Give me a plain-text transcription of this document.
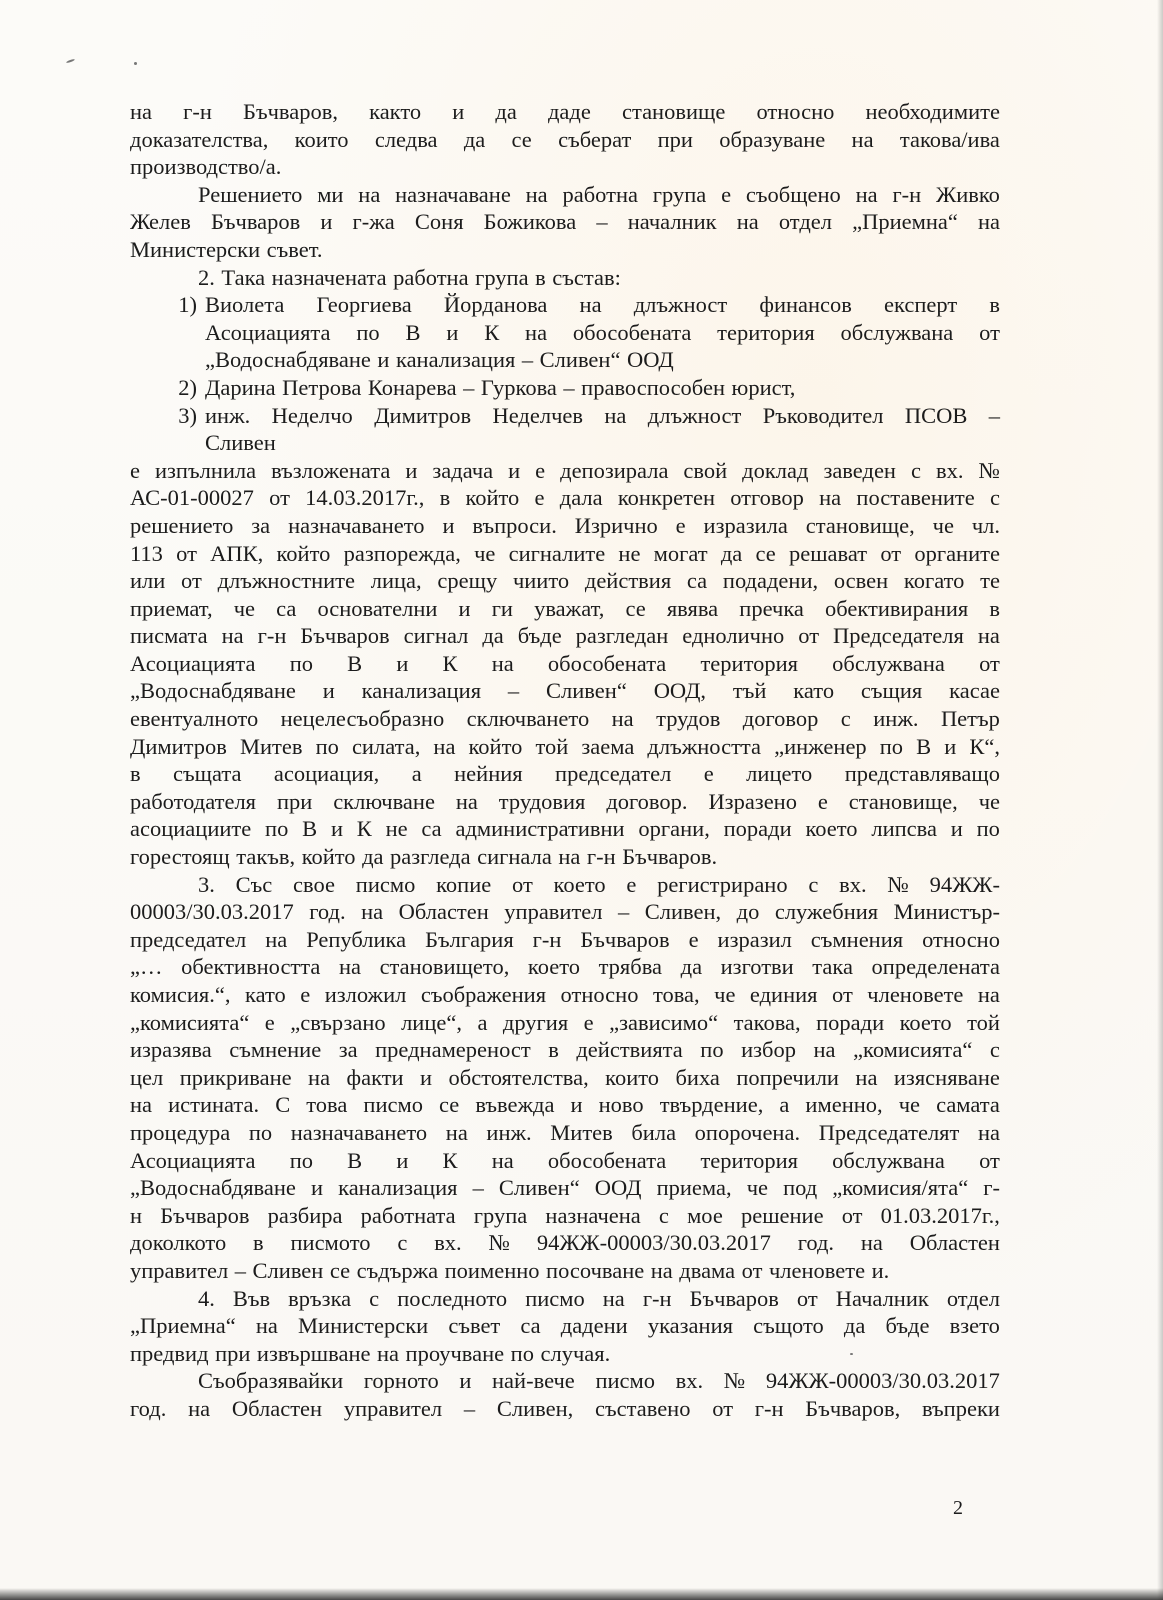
на г-н Бъчваров, както и да даде становище относно необходимите
доказателства, които следва да се съберат при образуване на такова/ива
производство/а.
Решението ми на назначаване на работна група е съобщено на г-н Живко
Желев Бъчваров и г-жа Соня Божикова – началник на отдел „Приемна“ на
Министерски съвет.
2. Така назначената работна група в състав:
1) Виолета Георгиева Йорданова на длъжност финансов експерт в
Асоциацията по В и К на обособената територия обслужвана от
„Водоснабдяване и канализация – Сливен“ ООД
2) Дарина Петрова Конарева – Гуркова – правоспособен юрист,
3) инж. Неделчо Димитров Неделчев на длъжност Ръководител ПСОВ –
Сливен
е изпълнила възложената и задача и е депозирала свой доклад заведен с вх. №
АС-01-00027 от 14.03.2017г., в който е дала конкретен отговор на поставените с
решението за назначаването и въпроси. Изрично е изразила становище, че чл.
113 от АПК, който разпорежда, че сигналите не могат да се решават от органите
или от длъжностните лица, срещу чиито действия са подадени, освен когато те
приемат, че са основателни и ги уважат, се явява пречка обективирания в
писмата на г-н Бъчваров сигнал да бъде разгледан еднолично от Председателя на
Асоциацията по В и К на обособената територия обслужвана от
„Водоснабдяване и канализация – Сливен“ ООД, тъй като същия касае
евентуалното нецелесъобразно сключването на трудов договор с инж. Петър
Димитров Митев по силата, на който той заема длъжността „инженер по В и К“,
в същата асоциация, а нейния председател е лицето представляващо
работодателя при сключване на трудовия договор. Изразено е становище, че
асоциациите по В и К не са административни органи, поради което липсва и по
горестоящ такъв, който да разгледа сигнала на г-н Бъчваров.
3. Със свое писмо копие от което е регистрирано с вх. № 94ЖЖ-
00003/30.03.2017 год. на Областен управител – Сливен, до служебния Министър-
председател на Република България г-н Бъчваров е изразил съмнения относно
„… обективността на становището, което трябва да изготви така определената
комисия.“, като е изложил съображения относно това, че единия от членовете на
„комисията“ е „свързано лице“, а другия е „зависимо“ такова, поради което той
изразява съмнение за преднамереност в действията по избор на „комисията“ с
цел прикриване на факти и обстоятелства, които биха попречили на изясняване
на истината. С това писмо се въвежда и ново твърдение, а именно, че самата
процедура по назначаването на инж. Митев била опорочена. Председателят на
Асоциацията по В и К на обособената територия обслужвана от
„Водоснабдяване и канализация – Сливен“ ООД приема, че под „комисия/ята“ г-
н Бъчваров разбира работната група назначена с мое решение от 01.03.2017г.,
доколкото в писмото с вх. № 94ЖЖ-00003/30.03.2017 год. на Областен
управител – Сливен се съдържа поименно посочване на двама от членовете и.
4. Във връзка с последното писмо на г-н Бъчваров от Началник отдел
„Приемна“ на Министерски съвет са дадени указания същото да бъде взето
предвид при извършване на проучване по случая.
Съобразявайки горното и най-вече писмо вх. № 94ЖЖ-00003/30.03.2017
год. на Областен управител – Сливен, съставено от г-н Бъчваров, въпреки
2
